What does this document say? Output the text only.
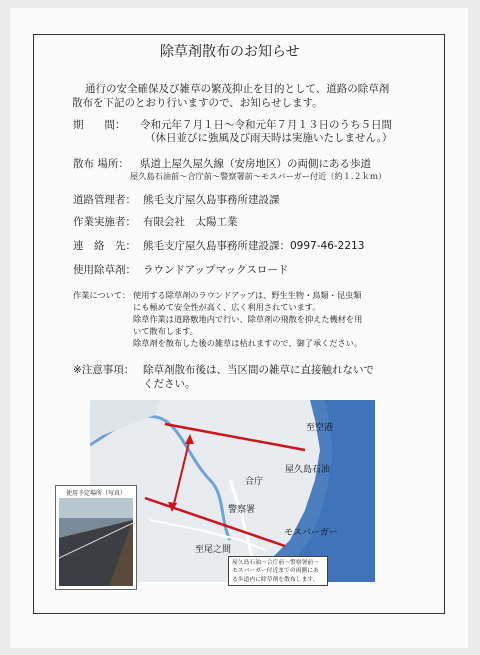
除草剤散布のお知らせ
通行の安全確保及び雑草の繁茂抑止を目的として、道路の除草剤
散布を下記のとおり行いますので、お知らせします。
期　　間： 令和元年７月１日～令和元年７月１３日のうち５日間
（休日並びに強風及び雨天時は実施いたしません。）
散布 場所： 県道上屋久屋久線（安房地区）の両側にある歩道
屋久島石油前～合庁前～警察署前～モスバーガー付近（約１.２ｋｍ）
道路管理者： 熊毛支庁屋久島事務所建設課
作業実施者： 有限会社　太陽工業
連　絡　先： 熊毛支庁屋久島事務所建設課：0997-46-2213
使用除草剤： ラウンドアップマックスロード
作業について： 使用する除草剤のラウンドアップは、野生生物・鳥類・昆虫類
にも極めて安全性が高く、広く利用されています。
除草作業は道路敷地内で行い、除草剤の飛散を抑えた機材を用
いて散布します。
除草剤を散布した後の雑草は枯れますので、御了承ください。
※注意事項： 除草剤散布後は、当区間の雑草に直接触れないで
ください。
至空港
屋久島石油
合庁
警察署
モスバーガー
至尾之間
使用予定場所（写真）
屋久島石油～合庁前～警察署前～モスバーガー付近までの両側にある歩道内に除草剤を散布します。
